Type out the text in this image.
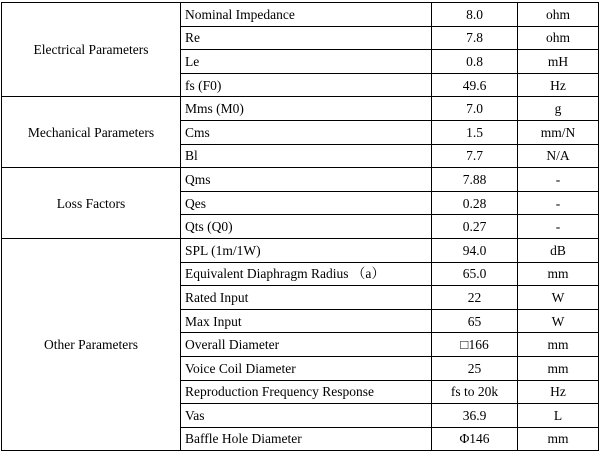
Electrical Parameters	Nominal Impedance	8.0	ohm
	Re	7.8	ohm
	Le	0.8	mH
	fs (F0)	49.6	Hz
Mechanical Parameters	Mms (M0)	7.0	g
	Cms	1.5	mm/N
	Bl	7.7	N/A
Loss Factors	Qms	7.88	-
	Qes	0.28	-
	Qts (Q0)	0.27	-
Other Parameters	SPL (1m/1W)	94.0	dB
	Equivalent Diaphragm Radius （a）	65.0	mm
	Rated Input	22	W
	Max Input	65	W
	Overall Diameter	□166	mm
	Voice Coil Diameter	25	mm
	Reproduction Frequency Response	fs to 20k	Hz
	Vas	36.9	L
	Baffle Hole Diameter	Φ146	mm
